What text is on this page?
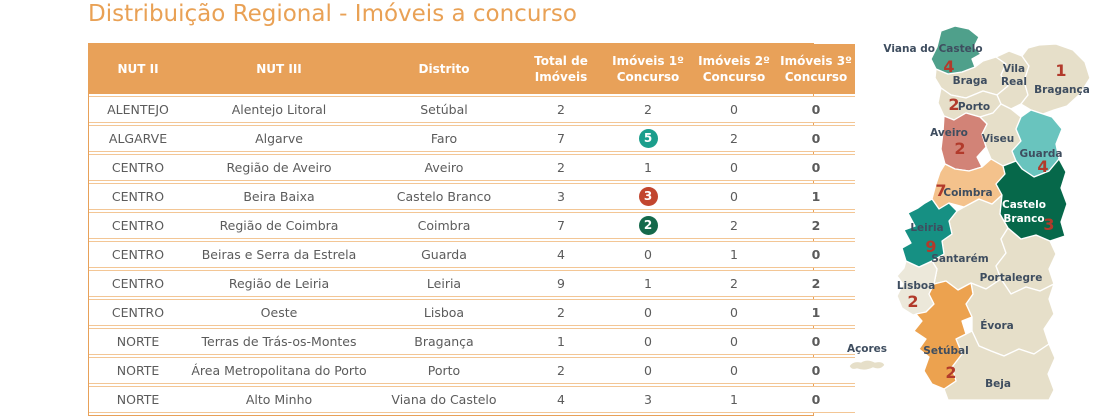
Distribuição Regional - Imóveis a concurso
NUT II	NUT III	Distrito	Total de Imóveis	Imóveis 1º Concurso	Imóveis 2º Concurso	Imóveis 3º Concurso
ALENTEJO	Alentejo Litoral	Setúbal	2	2	0	0
ALGARVE	Algarve	Faro	7	5	2	0
CENTRO	Região de Aveiro	Aveiro	2	1	0	0
CENTRO	Beira Baixa	Castelo Branco	3	3	0	1
CENTRO	Região de Coimbra	Coimbra	7	2	2	2
CENTRO	Beiras e Serra da Estrela	Guarda	4	0	1	0
CENTRO	Região de Leiria	Leiria	9	1	2	2
CENTRO	Oeste	Lisboa	2	0	0	1
NORTE	Terras de Trás-os-Montes	Bragança	1	0	0	0
NORTE	Área Metropolitana do Porto	Porto	2	0	0	0
NORTE	Alto Minho	Viana do Castelo	4	3	1	0
Braga
Vila
Real
Bragança
1
Porto
2
Viseu
Santarém
Portalegre
Lisboa
2
Évora
Beja
Açores
Viana do Castelo
4
Aveiro
2	Guarda
4
Coimbra
7
Castelo
Branco
3
Leiria
9
Setúbal
2
